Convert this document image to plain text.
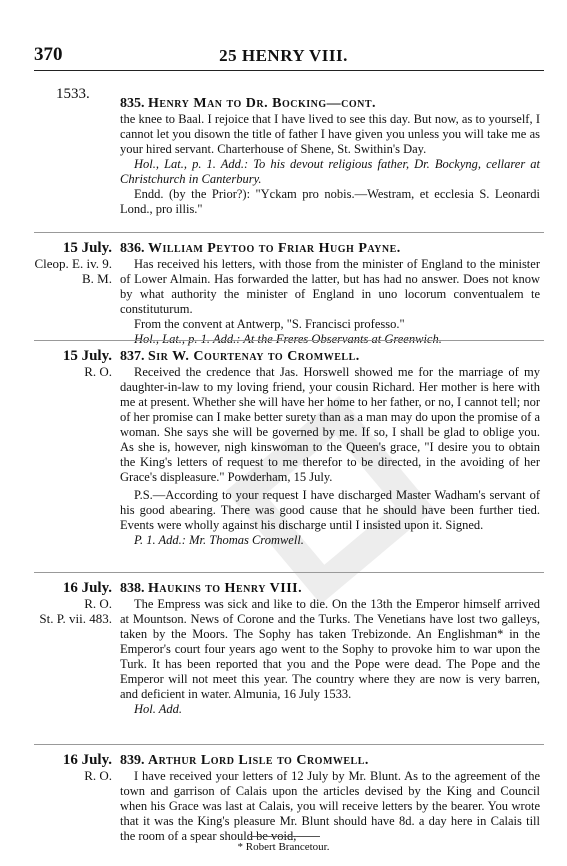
370	25 HENRY VIII.
1533.
835. Henry Man to Dr. Bocking—cont.

the knee to Baal. I rejoice that I have lived to see this day. But now, as to yourself, I cannot let you disown the title of father I have given you unless you will take me as your hired servant. Charterhouse of Shene, St. Swithin's Day.

Hol., Lat., p. 1. Add.: To his devout religious father, Dr. Bockyng, cellarer at Christchurch in Canterbury.

Endd. (by the Prior?): "Yckam pro nobis.—Westram, et ecclesia S. Leonardi Lond., pro illis."

15 July.
Cleop. E. iv. 9.
B. M.
836. William Peytoo to Friar Hugh Payne.

Has received his letters, with those from the minister of England to the minister of Lower Almain. Has forwarded the latter, but has had no answer. Does not know by what authority the minister of England in uno locorum conventualem te constituturum.

From the convent at Antwerp, "S. Francisci professo."

Hol., Lat., p. 1. Add.: At the Freres Observants at Greenwich.

15 July.
R. O.
837. Sir W. Courtenay to Cromwell.

Received the credence that Jas. Horswell showed me for the marriage of my daughter-in-law to my loving friend, your cousin Richard. Her mother is here with me at present. Whether she will have her home to her father, or no, I cannot tell; nor of her promise can I make better surety than as a man may do upon the promise of a woman. She says she will be governed by me. If so, I shall be glad to oblige you. As she is, however, nigh kinswoman to the Queen's grace, "I desire you to obtain the King's letters of request to me therefor to be directed, in the avoiding of her Grace's displeasure." Powderham, 15 July.

P.S.—According to your request I have discharged Master Wadham's servant of his good abearing. There was good cause that he should have been further tied. Events were wholly against his discharge until I insisted upon it. Signed.

P. 1. Add.: Mr. Thomas Cromwell.

16 July.
R. O.
St. P. vii. 483.
838. Haukins to Henry VIII.

The Empress was sick and like to die. On the 13th the Emperor himself arrived at Mountson. News of Corone and the Turks. The Venetians have lost two galleys, taken by the Moors. The Sophy has taken Trebizonde. An Englishman* in the Emperor's court four years ago went to the Sophy to provoke him to war upon the Turk. It has been reported that you and the Pope were dead. The Pope and the Emperor will not meet this year. The country where they are now is very barren, and deficient in water. Almunia, 16 July 1533.

Hol. Add.

16 July.
R. O.
839. Arthur Lord Lisle to Cromwell.

I have received your letters of 12 July by Mr. Blunt. As to the agreement of the town and garrison of Calais upon the articles devised by the King and Council when his Grace was last at Calais, you will receive letters by the bearer. You wrote that it was the King's pleasure Mr. Blunt should have 8d. a day here in Calais till the room of a spear should be void,

* Robert Brancetour.
